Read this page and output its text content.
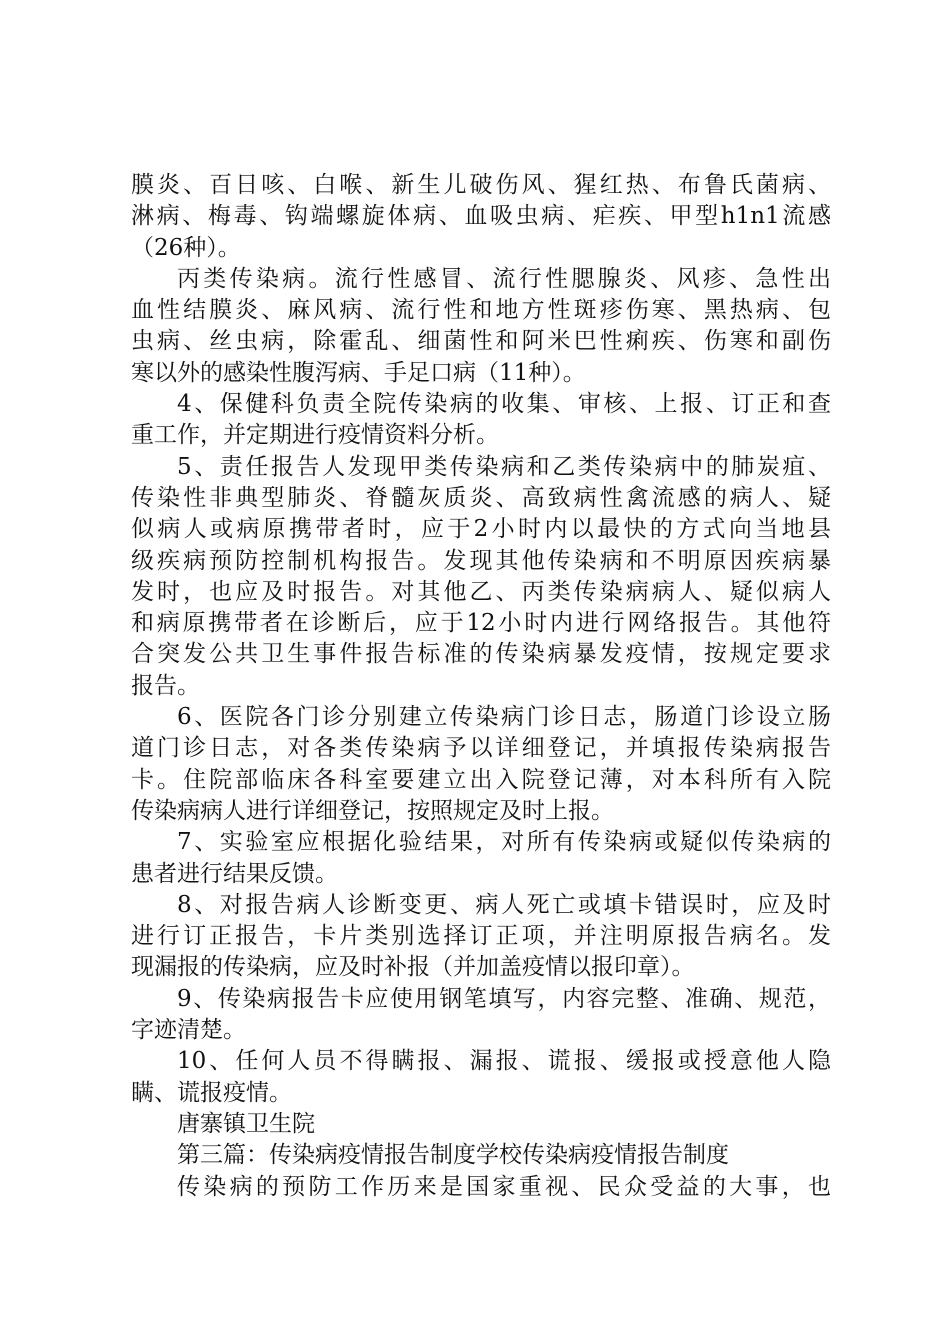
膜炎、百日咳、白喉、新生儿破伤风、猩红热、布鲁氏菌病、
淋病、梅毒、钩端螺旋体病、血吸虫病、疟疾、甲型h1n1流感
（26种）。
丙类传染病。流行性感冒、流行性腮腺炎、风疹、急性出
血性结膜炎、麻风病、流行性和地方性斑疹伤寒、黑热病、包
虫病、丝虫病，除霍乱、细菌性和阿米巴性痢疾、伤寒和副伤
寒以外的感染性腹泻病、手足口病（11种）。
4、保健科负责全院传染病的收集、审核、上报、订正和查
重工作，并定期进行疫情资料分析。
5、责任报告人发现甲类传染病和乙类传染病中的肺炭疽、
传染性非典型肺炎、脊髓灰质炎、高致病性禽流感的病人、疑
似病人或病原携带者时，应于2小时内以最快的方式向当地县
级疾病预防控制机构报告。发现其他传染病和不明原因疾病暴
发时，也应及时报告。对其他乙、丙类传染病病人、疑似病人
和病原携带者在诊断后，应于12小时内进行网络报告。其他符
合突发公共卫生事件报告标准的传染病暴发疫情，按规定要求
报告。
6、医院各门诊分别建立传染病门诊日志，肠道门诊设立肠
道门诊日志，对各类传染病予以详细登记，并填报传染病报告
卡。住院部临床各科室要建立出入院登记薄，对本科所有入院
传染病病人进行详细登记，按照规定及时上报。
7、实验室应根据化验结果，对所有传染病或疑似传染病的
患者进行结果反馈。
8、对报告病人诊断变更、病人死亡或填卡错误时，应及时
进行订正报告，卡片类别选择订正项，并注明原报告病名。发
现漏报的传染病，应及时补报（并加盖疫情以报印章）。
9、传染病报告卡应使用钢笔填写，内容完整、准确、规范，
字迹清楚。
10、任何人员不得瞒报、漏报、谎报、缓报或授意他人隐
瞒、谎报疫情。
唐寨镇卫生院
第三篇：传染病疫情报告制度学校传染病疫情报告制度
传染病的预防工作历来是国家重视、民众受益的大事，也
